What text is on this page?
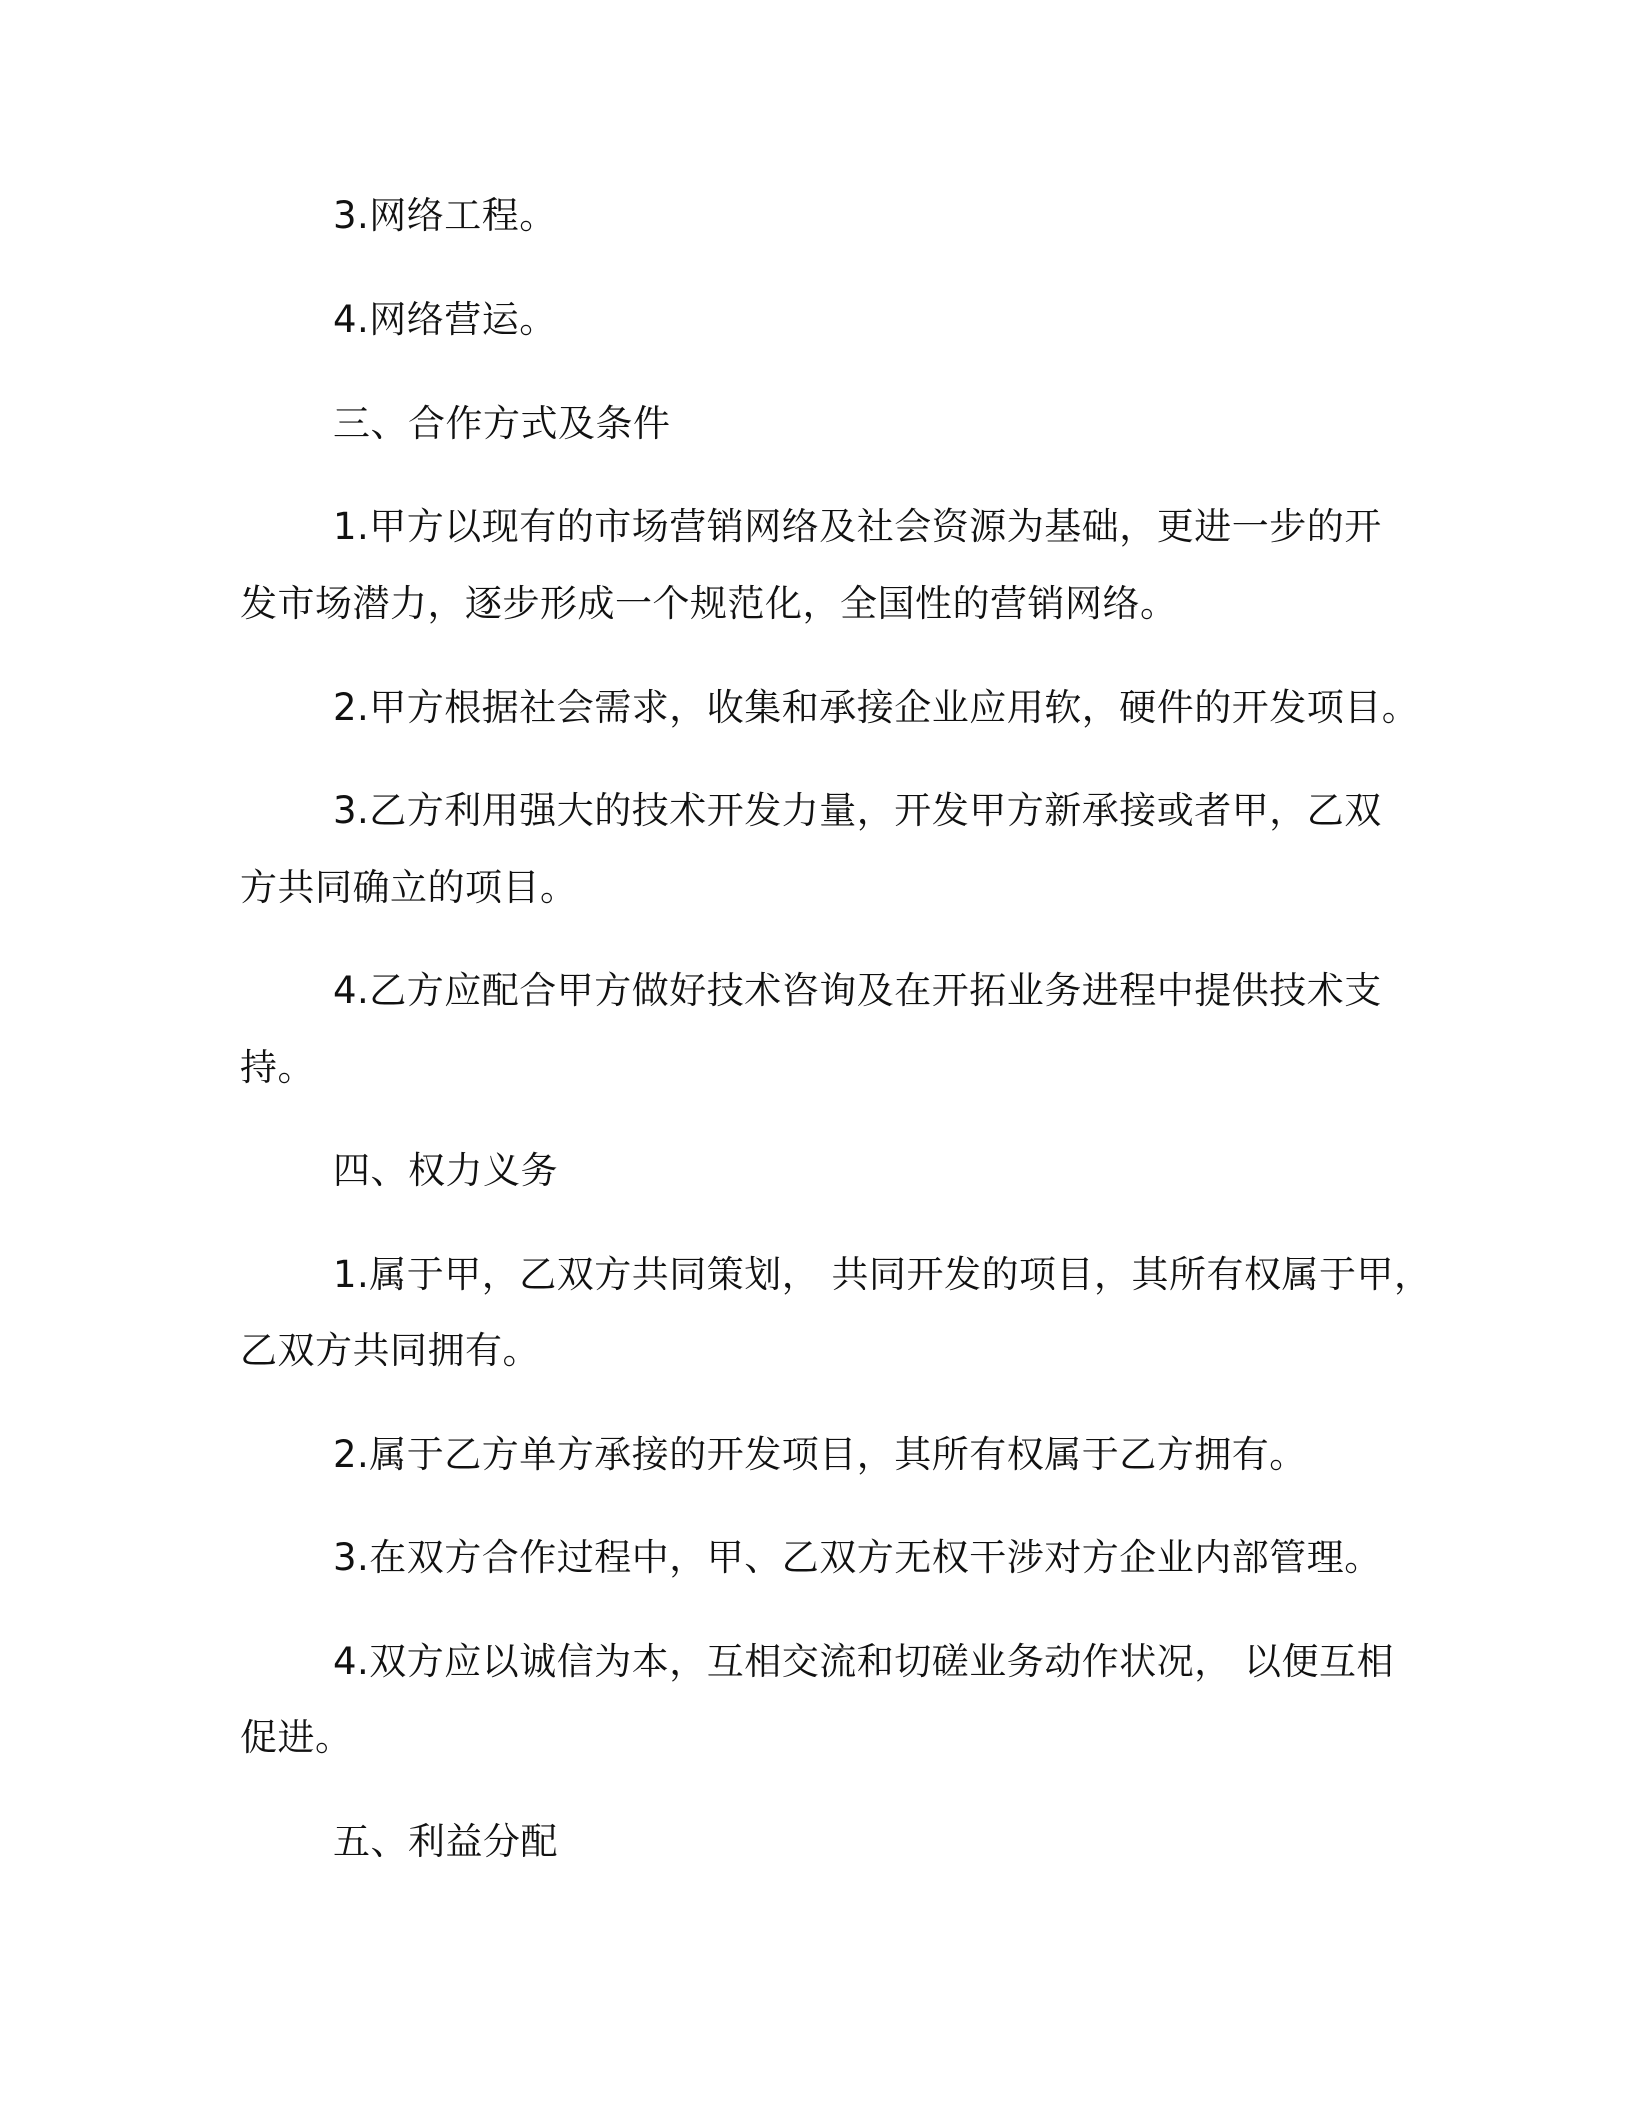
3.网络工程。
4.网络营运。
三、合作方式及条件
1.甲方以现有的市场营销网络及社会资源为基础，更进一步的开
发市场潜力，逐步形成一个规范化，全国性的营销网络。
2.甲方根据社会需求，收集和承接企业应用软，硬件的开发项目。
3.乙方利用强大的技术开发力量，开发甲方新承接或者甲，乙双
方共同确立的项目。
4.乙方应配合甲方做好技术咨询及在开拓业务进程中提供技术支
持。
四、权力义务
1.属于甲，乙双方共同策划， 共同开发的项目，其所有权属于甲，
乙双方共同拥有。
2.属于乙方单方承接的开发项目，其所有权属于乙方拥有。
3.在双方合作过程中，甲、乙双方无权干涉对方企业内部管理。
4.双方应以诚信为本，互相交流和切磋业务动作状况， 以便互相
促进。
五、利益分配
